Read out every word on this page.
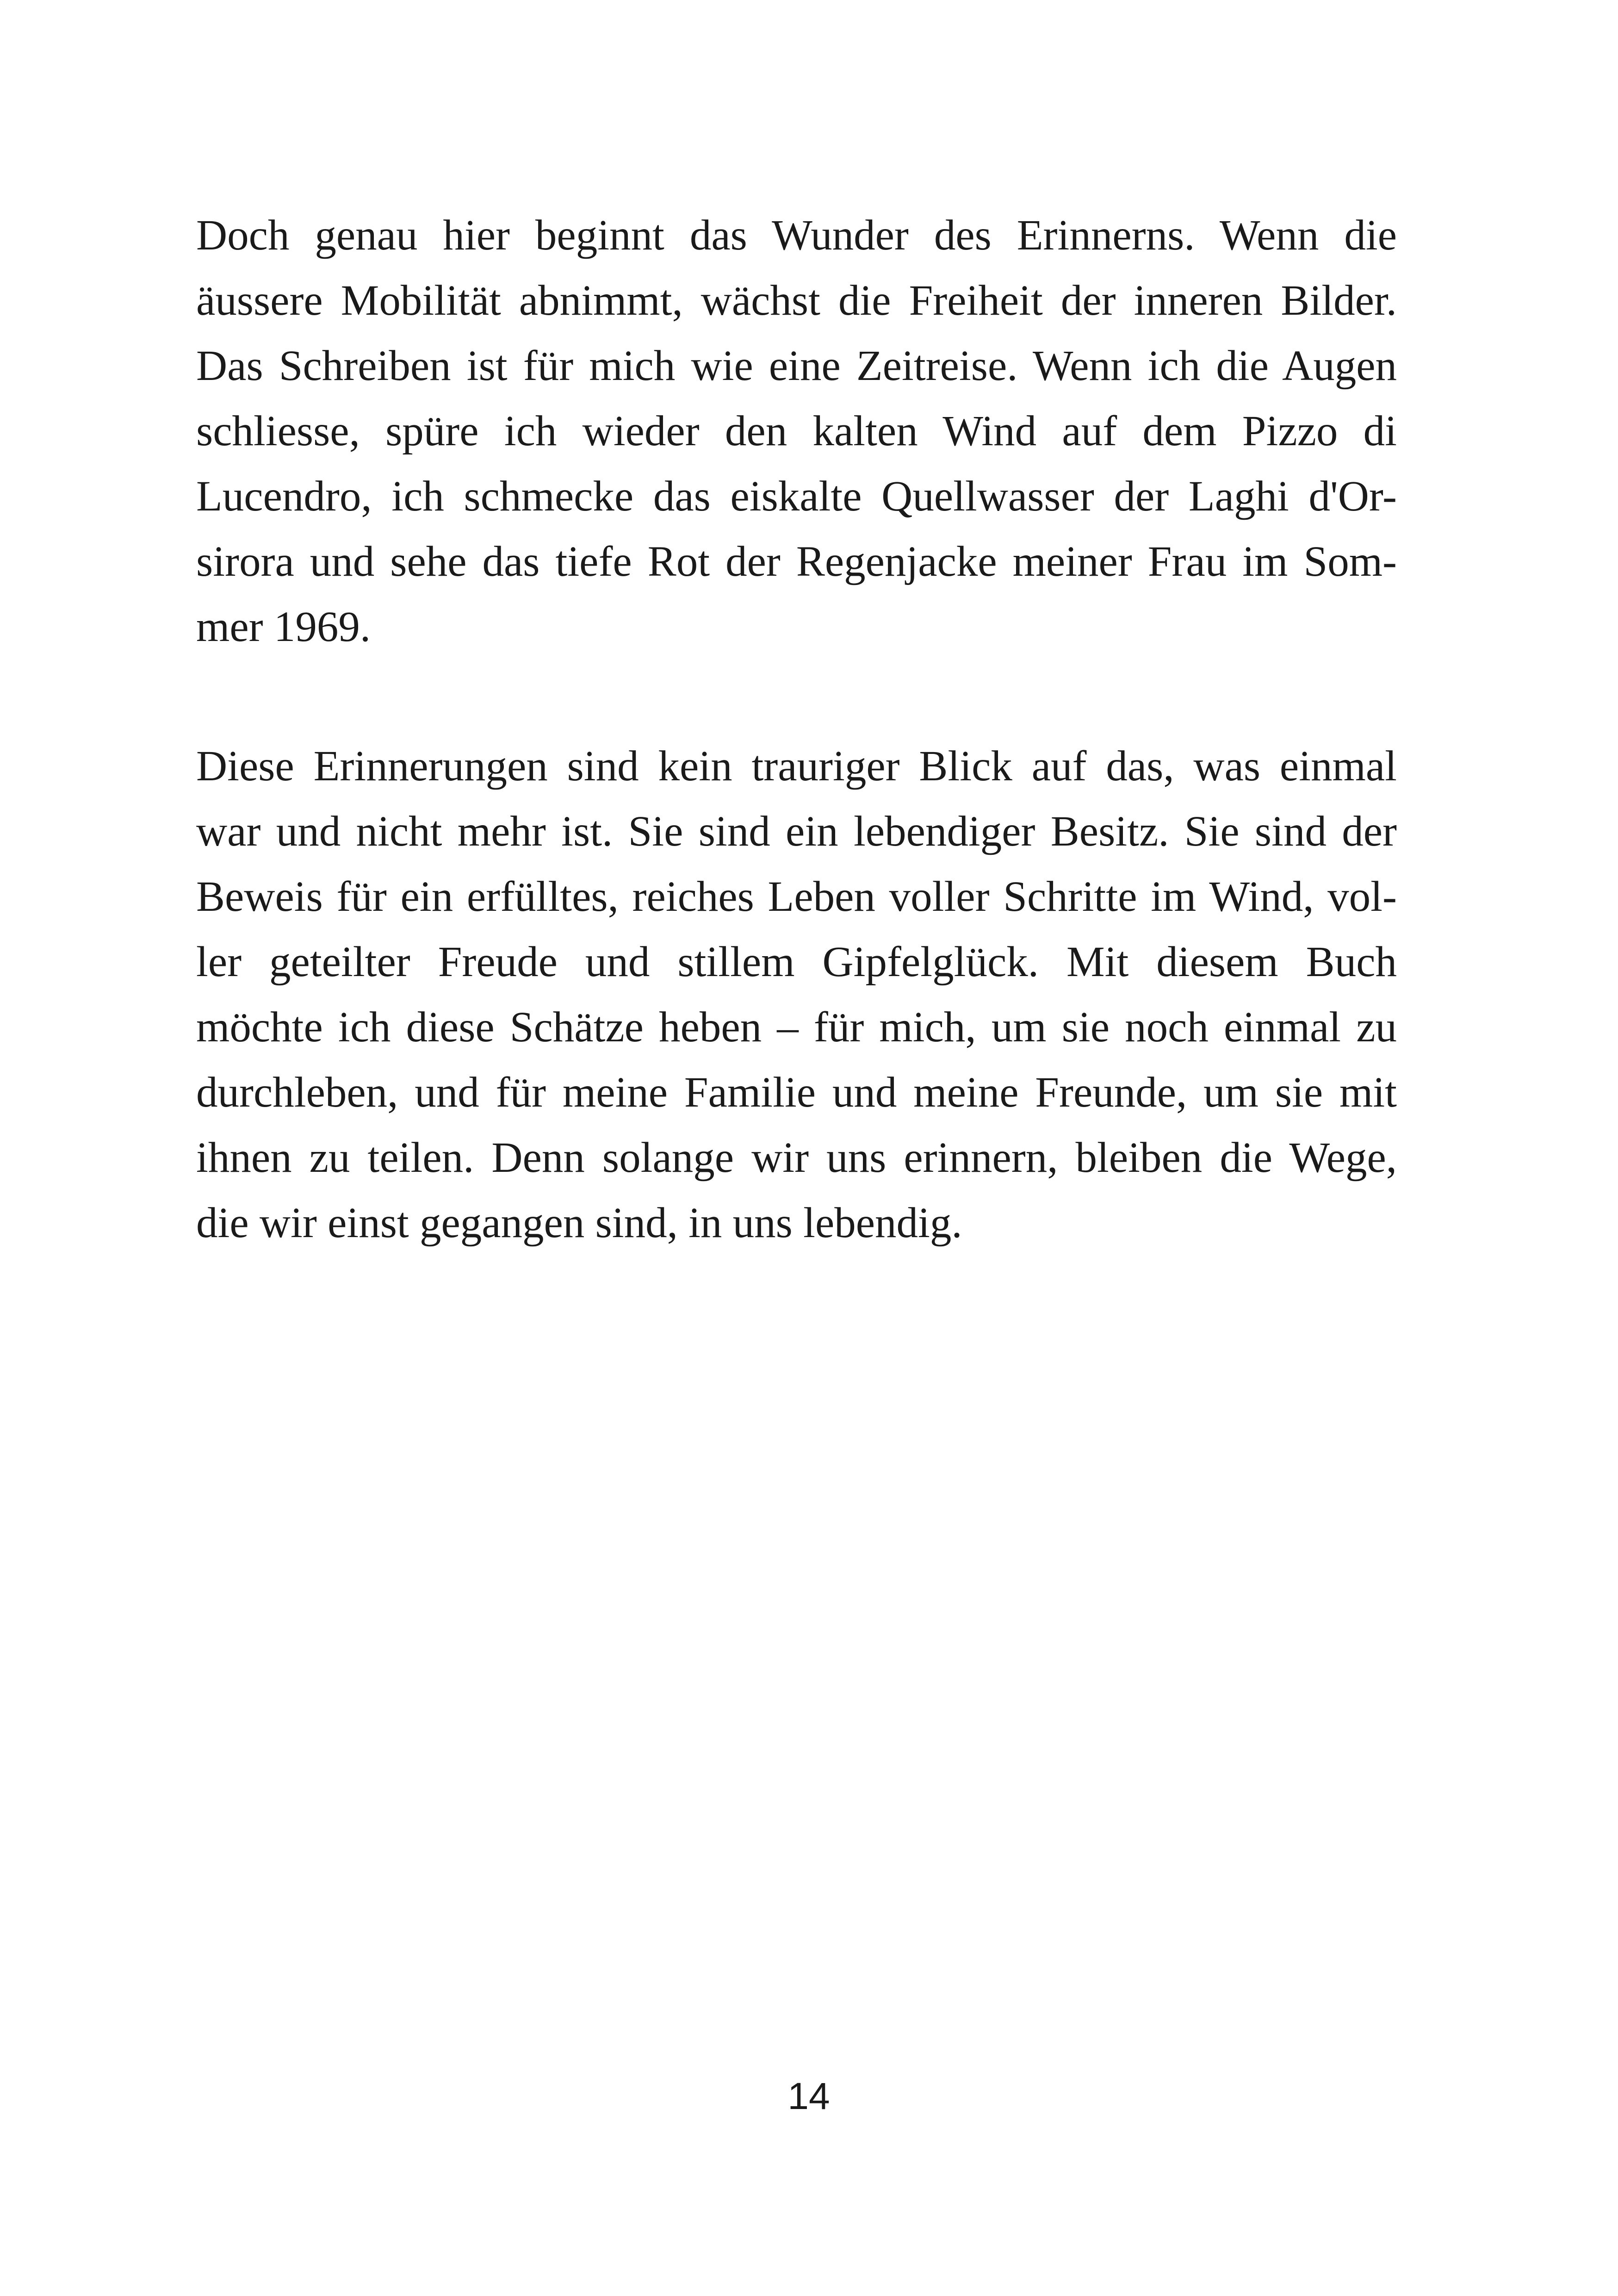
Doch genau hier beginnt das Wunder des Erinnerns. Wenn die
äussere Mobilität abnimmt, wächst die Freiheit der inneren Bilder.
Das Schreiben ist für mich wie eine Zeitreise. Wenn ich die Augen
schliesse, spüre ich wieder den kalten Wind auf dem Pizzo di
Lucendro, ich schmecke das eiskalte Quellwasser der Laghi d'Or-
sirora und sehe das tiefe Rot der Regenjacke meiner Frau im Som-
mer 1969.
Diese Erinnerungen sind kein trauriger Blick auf das, was einmal
war und nicht mehr ist. Sie sind ein lebendiger Besitz. Sie sind der
Beweis für ein erfülltes, reiches Leben voller Schritte im Wind, vol-
ler geteilter Freude und stillem Gipfelglück. Mit diesem Buch
möchte ich diese Schätze heben – für mich, um sie noch einmal zu
durchleben, und für meine Familie und meine Freunde, um sie mit
ihnen zu teilen. Denn solange wir uns erinnern, bleiben die Wege,
die wir einst gegangen sind, in uns lebendig.
14
